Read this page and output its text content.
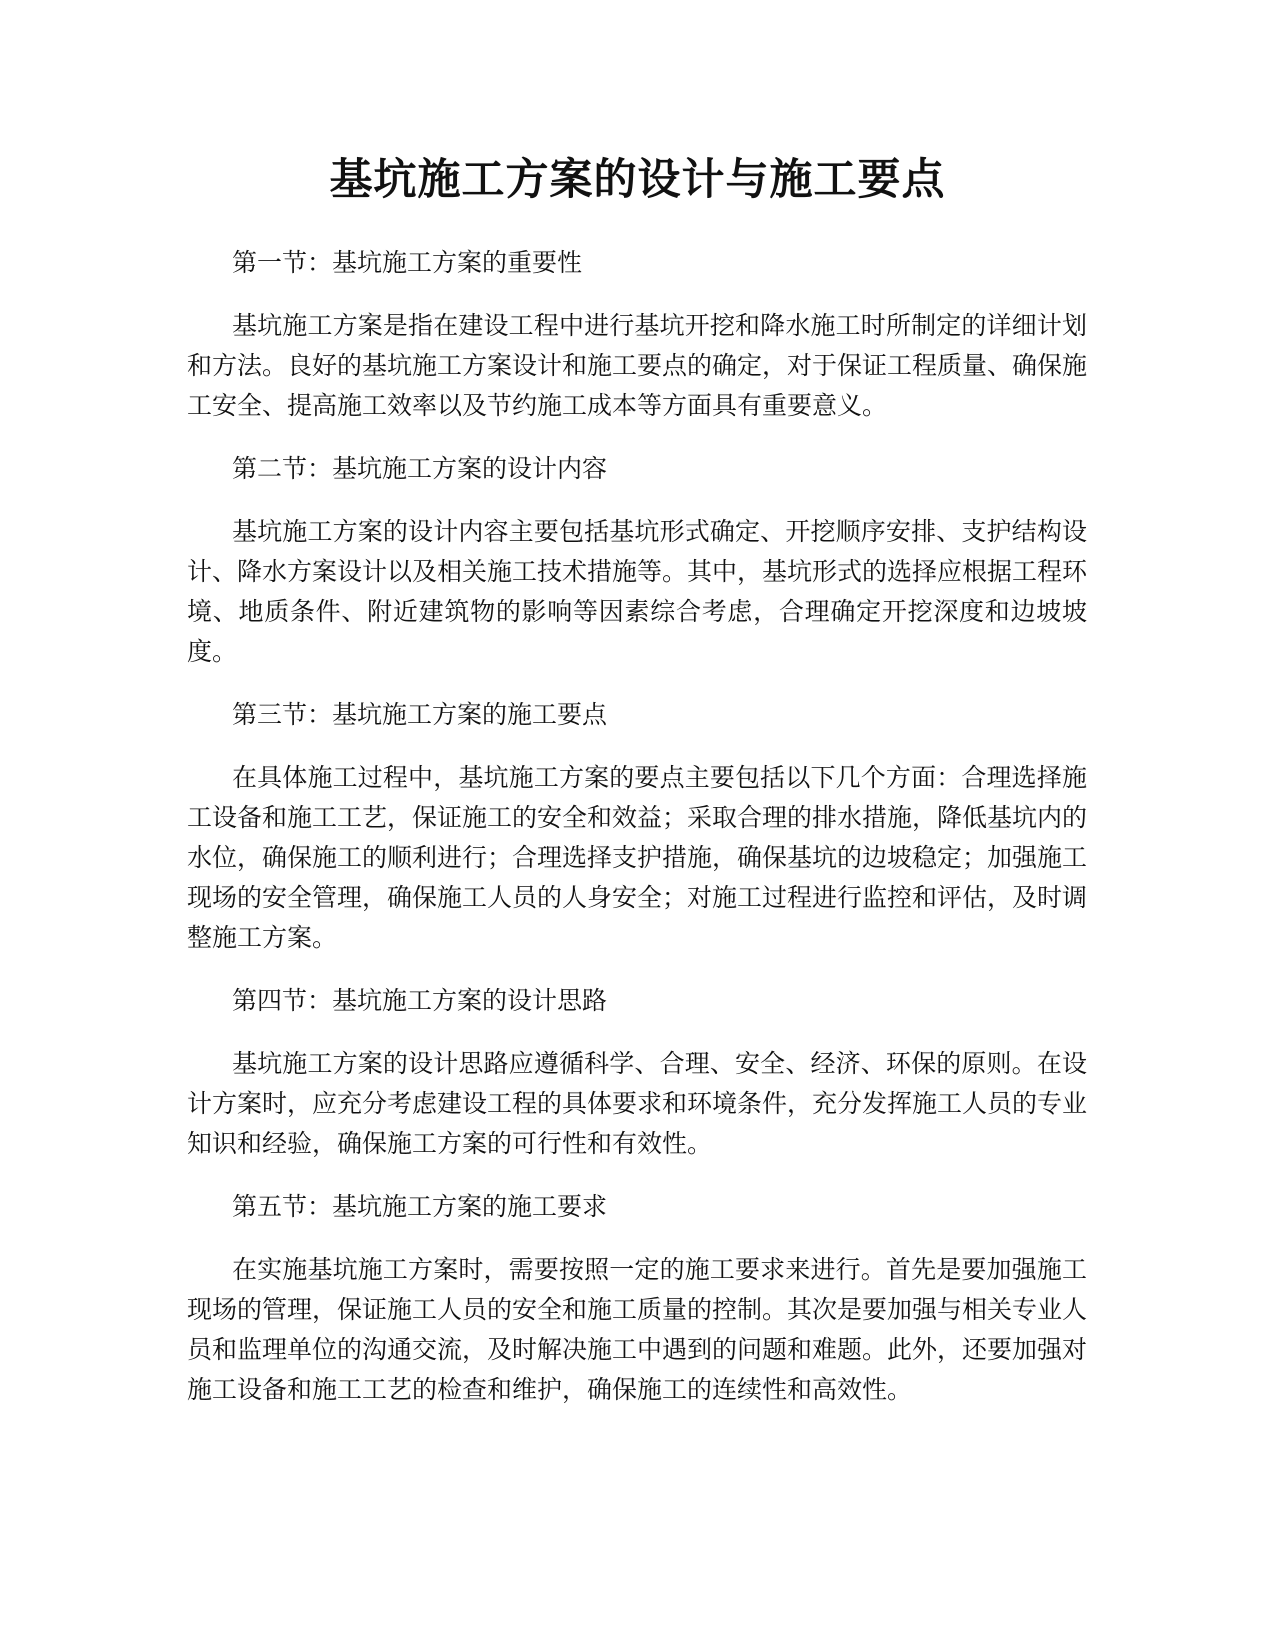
基坑施工方案的设计与施工要点

第一节：基坑施工方案的重要性

基坑施工方案是指在建设工程中进行基坑开挖和降水施工时所制定的详细计划和方法。良好的基坑施工方案设计和施工要点的确定，对于保证工程质量、确保施工安全、提高施工效率以及节约施工成本等方面具有重要意义。

第二节：基坑施工方案的设计内容

基坑施工方案的设计内容主要包括基坑形式确定、开挖顺序安排、支护结构设计、降水方案设计以及相关施工技术措施等。其中，基坑形式的选择应根据工程环境、地质条件、附近建筑物的影响等因素综合考虑，合理确定开挖深度和边坡坡度。

第三节：基坑施工方案的施工要点

在具体施工过程中，基坑施工方案的要点主要包括以下几个方面：合理选择施工设备和施工工艺，保证施工的安全和效益；采取合理的排水措施，降低基坑内的水位，确保施工的顺利进行；合理选择支护措施，确保基坑的边坡稳定；加强施工现场的安全管理，确保施工人员的人身安全；对施工过程进行监控和评估，及时调整施工方案。

第四节：基坑施工方案的设计思路

基坑施工方案的设计思路应遵循科学、合理、安全、经济、环保的原则。在设计方案时，应充分考虑建设工程的具体要求和环境条件，充分发挥施工人员的专业知识和经验，确保施工方案的可行性和有效性。

第五节：基坑施工方案的施工要求

在实施基坑施工方案时，需要按照一定的施工要求来进行。首先是要加强施工现场的管理，保证施工人员的安全和施工质量的控制。其次是要加强与相关专业人员和监理单位的沟通交流，及时解决施工中遇到的问题和难题。此外，还要加强对施工设备和施工工艺的检查和维护，确保施工的连续性和高效性。
